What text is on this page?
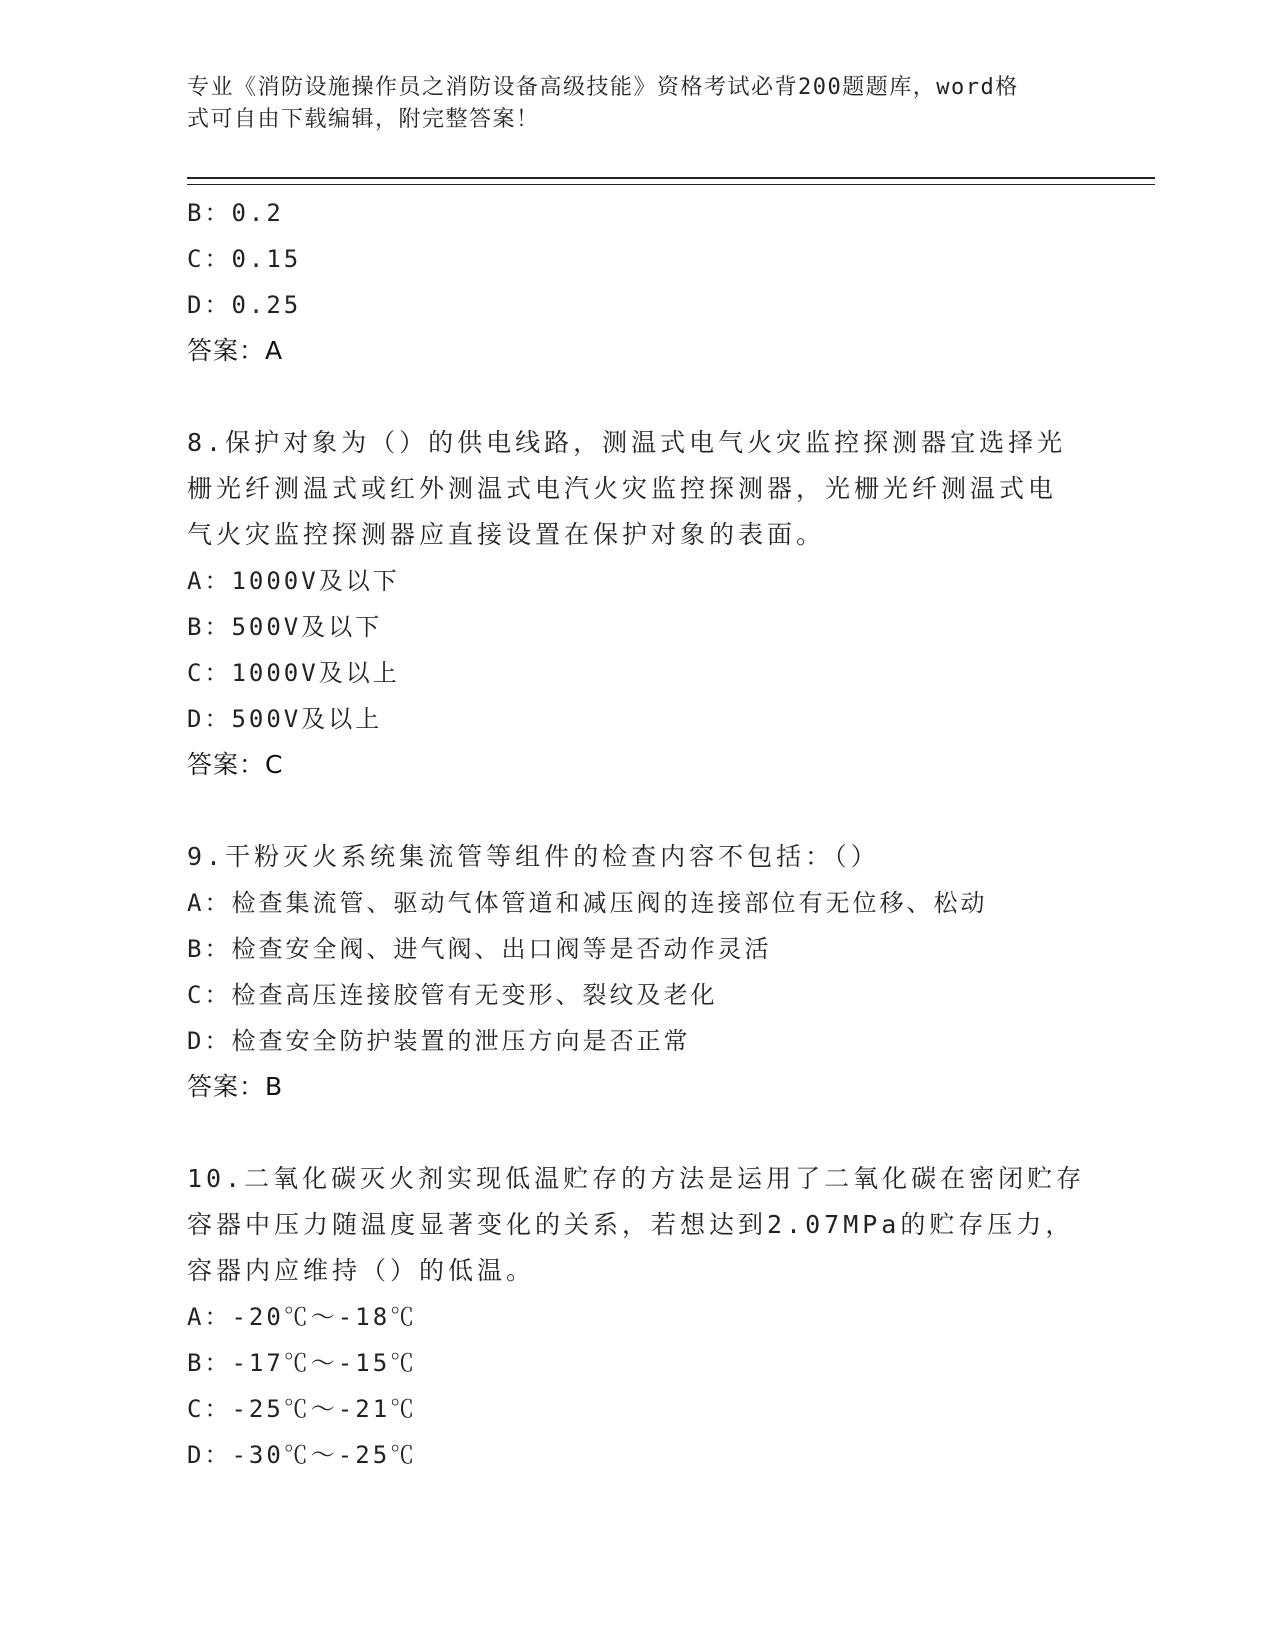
专业《消防设施操作员之消防设备高级技能》资格考试必背200题题库，word格
式可自由下载编辑，附完整答案！
B：0.2
C：0.15
D：0.25
答案：A
8.保护对象为（）的供电线路，测温式电气火灾监控探测器宜选择光
栅光纤测温式或红外测温式电汽火灾监控探测器，光栅光纤测温式电
气火灾监控探测器应直接设置在保护对象的表面。
A：1000V及以下
B：500V及以下
C：1000V及以上
D：500V及以上
答案：C
9.干粉灭火系统集流管等组件的检查内容不包括：（）
A：检查集流管、驱动气体管道和减压阀的连接部位有无位移、松动
B：检查安全阀、进气阀、出口阀等是否动作灵活
C：检查高压连接胶管有无变形、裂纹及老化
D：检查安全防护装置的泄压方向是否正常
答案：B
10.二氧化碳灭火剂实现低温贮存的方法是运用了二氧化碳在密闭贮存
容器中压力随温度显著变化的关系，若想达到2.07MPa的贮存压力，
容器内应维持（）的低温。
A：-20℃～-18℃
B：-17℃～-15℃
C：-25℃～-21℃
D：-30℃～-25℃
